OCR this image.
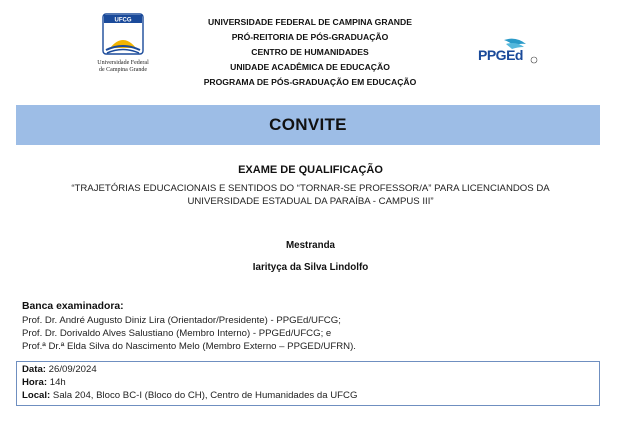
UFCG
Universidade Federal
de Campina Grande
UNIVERSIDADE FEDERAL DE CAMPINA GRANDE
PRÓ-REITORIA DE PÓS-GRADUAÇÃO
CENTRO DE HUMANIDADES
UNIDADE ACADÊMICA DE EDUCAÇÃO
PROGRAMA DE PÓS-GRADUAÇÃO EM EDUCAÇÃO
PPGEd
CONVITE
EXAME DE QUALIFICAÇÃO
“TRAJETÓRIAS EDUCACIONAIS E SENTIDOS DO “TORNAR-SE PROFESSOR/A” PARA LICENCIANDOS DA UNIVERSIDADE ESTADUAL DA PARAÍBA - CAMPUS III”
Mestranda
Iarityça da Silva Lindolfo
Banca examinadora:
Prof. Dr. André Augusto Diniz Lira (Orientador/Presidente) - PPGEd/UFCG;
Prof. Dr. Dorivaldo Alves Salustiano (Membro Interno) - PPGEd/UFCG; e
Prof.ª Dr.ª Elda Silva do Nascimento Melo (Membro Externo – PPGED/UFRN).
Data: 26/09/2024
Hora: 14h
Local: Sala 204, Bloco BC-I (Bloco do CH), Centro de Humanidades da UFCG
